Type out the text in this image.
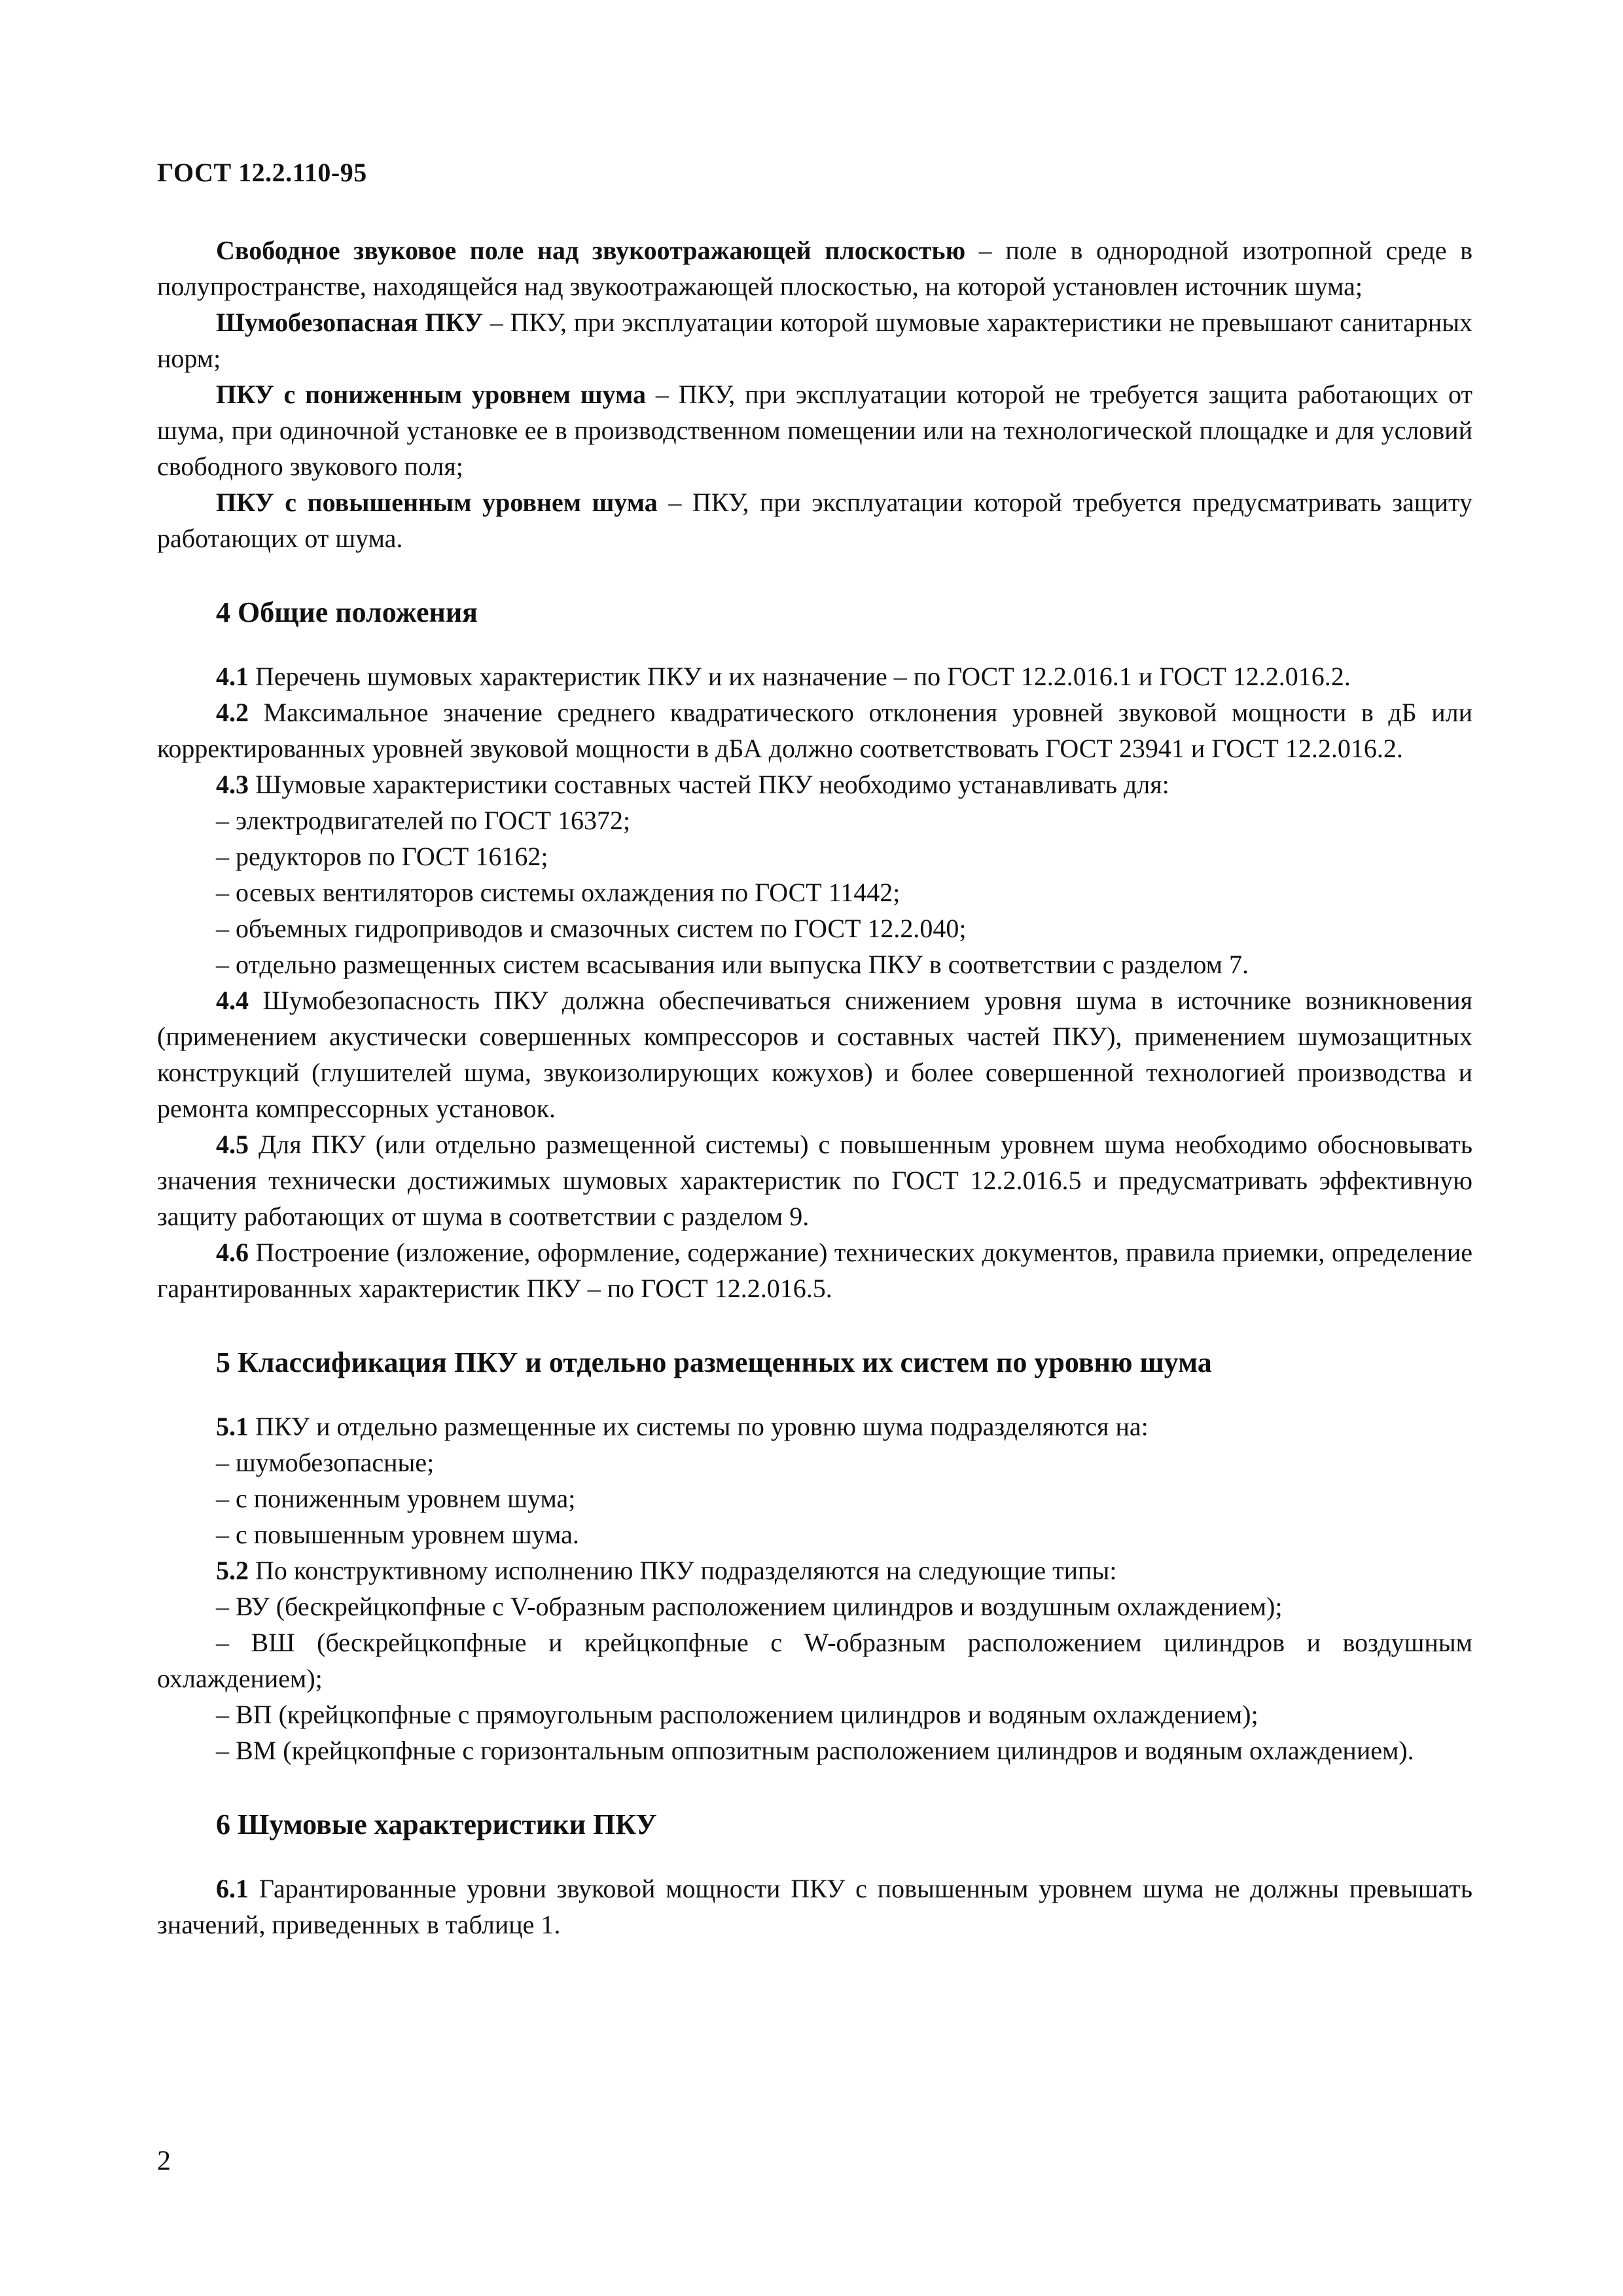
ГОСТ 12.2.110-95

Свободное звуковое поле над звукоотражающей плоскостью – поле в однородной изотропной среде в полупространстве, находящейся над звукоотражающей плоскостью, на которой установлен источник шума;

Шумобезопасная ПКУ – ПКУ, при эксплуатации которой шумовые характеристики не превышают санитарных норм;

ПКУ с пониженным уровнем шума – ПКУ, при эксплуатации которой не требуется защита работающих от шума, при одиночной установке ее в производственном помещении или на технологической площадке и для условий свободного звукового поля;

ПКУ с повышенным уровнем шума – ПКУ, при эксплуатации которой требуется предусматривать защиту работающих от шума.

4 Общие положения

4.1 Перечень шумовых характеристик ПКУ и их назначение – по ГОСТ 12.2.016.1 и ГОСТ 12.2.016.2.

4.2 Максимальное значение среднего квадратического отклонения уровней звуковой мощности в дБ или корректированных уровней звуковой мощности в дБА должно соответствовать ГОСТ 23941 и ГОСТ 12.2.016.2.

4.3 Шумовые характеристики составных частей ПКУ необходимо устанавливать для:

– электродвигателей по ГОСТ 16372;

– редукторов по ГОСТ 16162;

– осевых вентиляторов системы охлаждения по ГОСТ 11442;

– объемных гидроприводов и смазочных систем по ГОСТ 12.2.040;

– отдельно размещенных систем всасывания или выпуска ПКУ в соответствии с разделом 7.

4.4 Шумобезопасность ПКУ должна обеспечиваться снижением уровня шума в источнике возникновения (применением акустически совершенных компрессоров и составных частей ПКУ), применением шумозащитных конструкций (глушителей шума, звукоизолирующих кожухов) и более совершенной технологией производства и ремонта компрессорных установок.

4.5 Для ПКУ (или отдельно размещенной системы) с повышенным уровнем шума необходимо обосновывать значения технически достижимых шумовых характеристик по ГОСТ 12.2.016.5 и предусматривать эффективную защиту работающих от шума в соответствии с разделом 9.

4.6 Построение (изложение, оформление, содержание) технических документов, правила приемки, определение гарантированных характеристик ПКУ – по ГОСТ 12.2.016.5.

5 Классификация ПКУ и отдельно размещенных их систем по уровню шума

5.1 ПКУ и отдельно размещенные их системы по уровню шума подразделяются на:

– шумобезопасные;

– с пониженным уровнем шума;

– с повышенным уровнем шума.

5.2 По конструктивному исполнению ПКУ подразделяются на следующие типы:

– ВУ (бескрейцкопфные с V-образным расположением цилиндров и воздушным охлаждением);

– ВШ (бескрейцкопфные и крейцкопфные с W-образным расположением цилиндров и воздушным охлаждением);

– ВП (крейцкопфные с прямоугольным расположением цилиндров и водяным охлаждением);

– ВМ (крейцкопфные с горизонтальным оппозитным расположением цилиндров и водяным охлаждением).

6 Шумовые характеристики ПКУ

6.1 Гарантированные уровни звуковой мощности ПКУ с повышенным уровнем шума не должны превышать значений, приведенных в таблице 1.

2
